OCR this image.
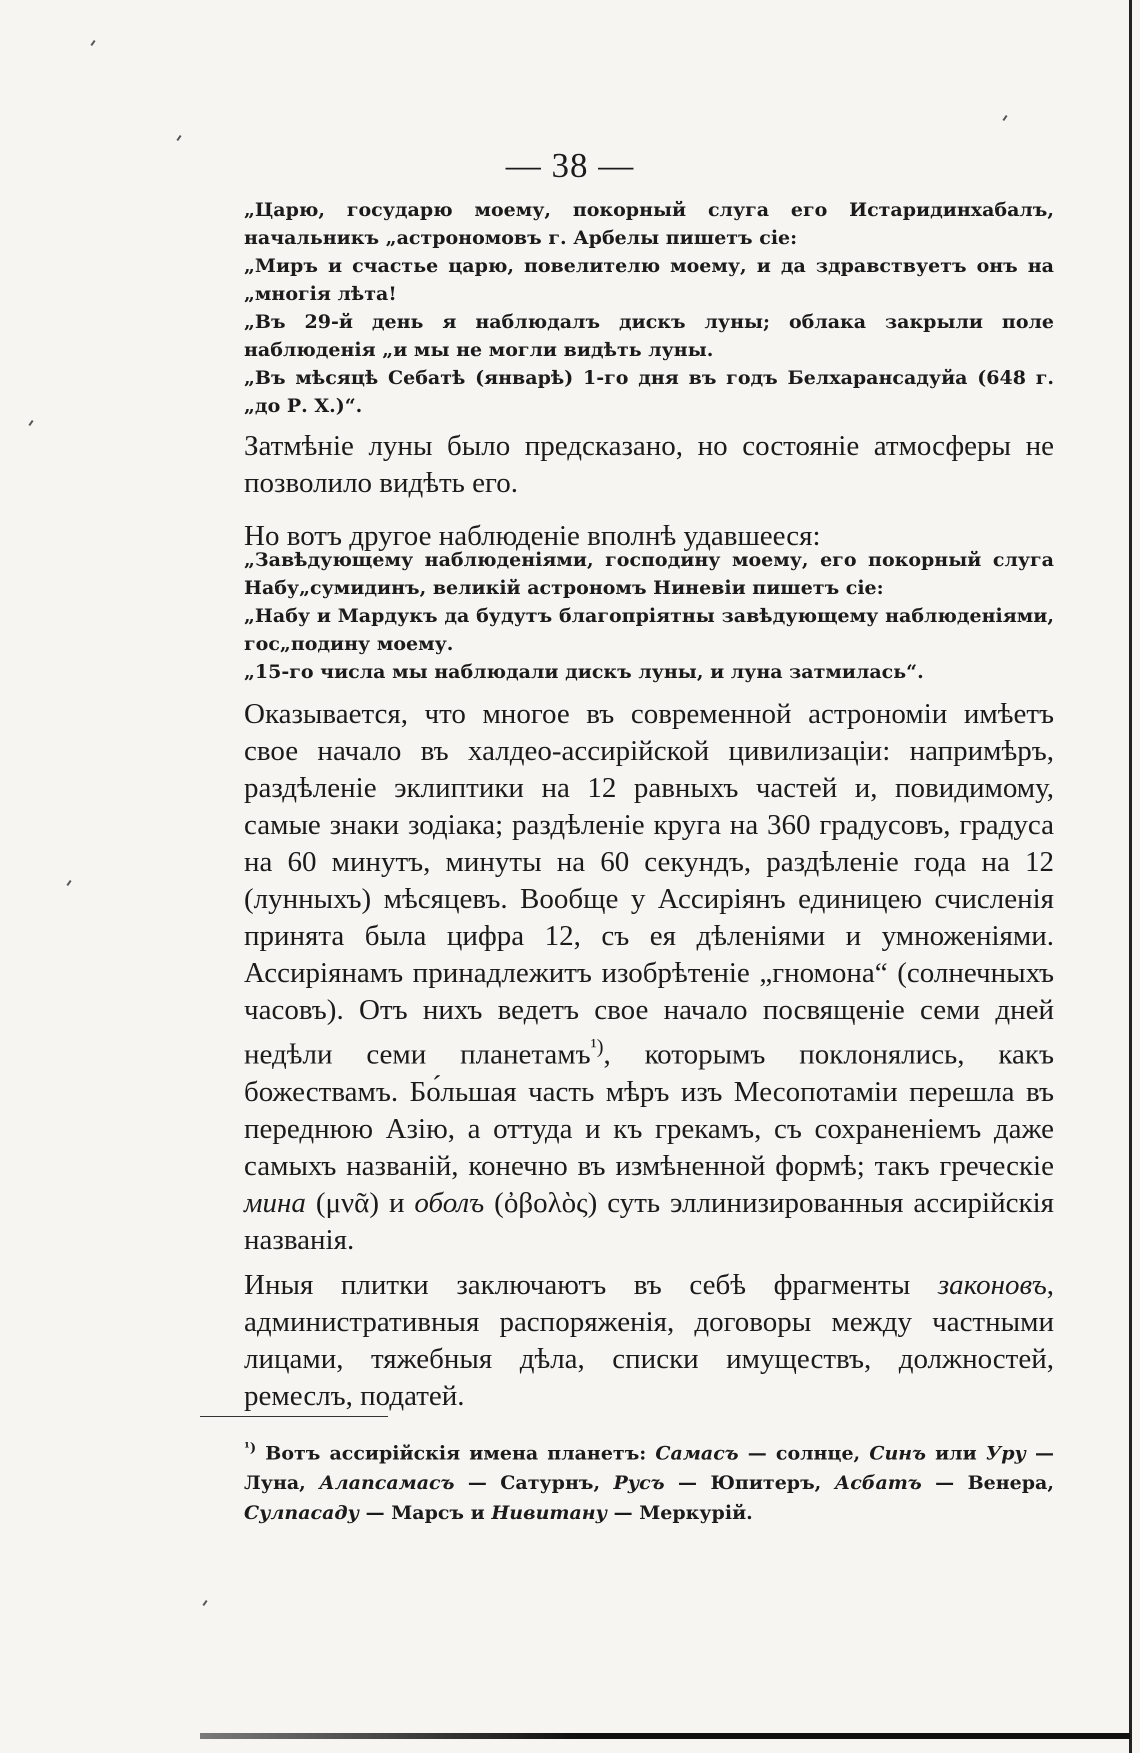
— 38 —

„Царю, государю моему, покорный слуга его Истаридинхабалъ, начальникъ „астрономовъ г. Арбелы пишетъ сіе:

„Миръ и счастье царю, повелителю моему, и да здравствуетъ онъ на „многія лѣта!

„Въ 29-й день я наблюдалъ дискъ луны; облака закрыли поле наблюденія „и мы не могли видѣть луны.

„Въ мѣсяцѣ Себатѣ (январѣ) 1-го дня въ годъ Белхарансадуйа (648 г. „до Р. Х.)“.

Затмѣніе луны было предсказано, но состояніе атмосферы не позволило видѣть его.

Но вотъ другое наблюденіе вполнѣ удавшееся:

„Завѣдующему наблюденіями, господину моему, его покорный слуга Набу„сумидинъ, великій астрономъ Ниневіи пишетъ сіе:

„Набу и Мардукъ да будутъ благопріятны завѣдующему наблюденіями, гос„подину моему.

„15-го числа мы наблюдали дискъ луны, и луна затмилась“.

Оказывается, что многое въ современной астрономіи имѣетъ свое начало въ халдео-ассирійской цивилизаціи: напримѣръ, раздѣленіе эклиптики на 12 равныхъ частей и, повидимому, самые знаки зодіака; раздѣленіе круга на 360 градусовъ, градуса на 60 минутъ, минуты на 60 секундъ, раздѣленіе года на 12 (лунныхъ) мѣсяцевъ. Вообще у Ассиріянъ единицею счисленія принята была цифра 12, съ ея дѣленіями и умноженіями. Ассиріянамъ принадлежитъ изобрѣтеніе „гномона“ (солнечныхъ часовъ). Отъ нихъ ведетъ свое начало посвященіе семи дней недѣли семи планетамъ$^{^1)}$, которымъ поклонялись, какъ божествамъ. Бо́льшая часть мѣръ изъ Месопотаміи перешла въ переднюю Азію, а оттуда и къ грекамъ, съ сохраненіемъ даже самыхъ названій, конечно въ измѣненной формѣ; такъ греческіе мина (μνᾶ) и оболъ (ὀβολὸς) суть эллинизированныя ассирійскія названія.

Иныя плитки заключаютъ въ себѣ фрагменты законовъ, административныя распоряженія, договоры между частными лицами, тяжебныя дѣла, списки имуществъ, должностей, ремеслъ, податей.

$^{^1)}$ Вотъ ассирійскія имена планетъ: Самасъ — солнце, Синъ или Уру — Луна, Алапсамасъ — Сатурнъ, Русъ — Юпитеръ, Асбатъ — Венера, Сулпасаду — Марсъ и Нивитану — Меркурій.
